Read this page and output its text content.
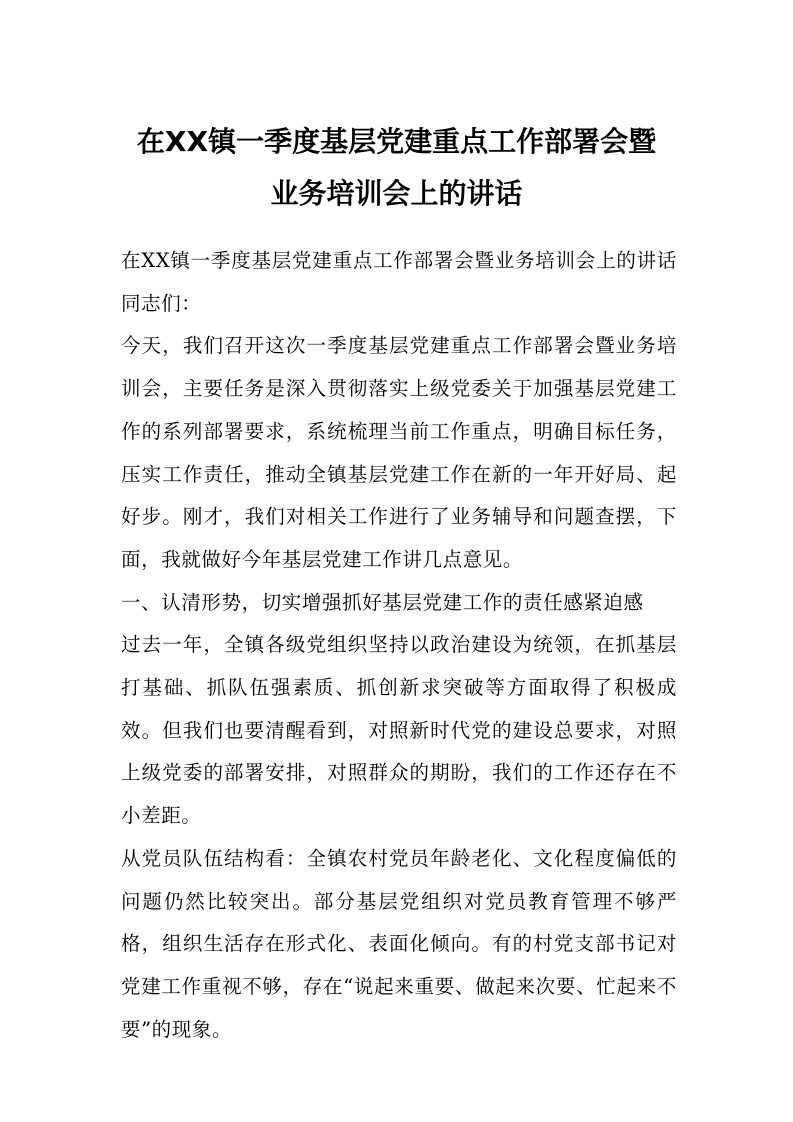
在XX镇一季度基层党建重点工作部署会暨
业务培训会上的讲话

在XX镇一季度基层党建重点工作部署会暨业务培训会上的讲话同志们：

今天，我们召开这次一季度基层党建重点工作部署会暨业务培训会，主要任务是深入贯彻落实上级党委关于加强基层党建工作的系列部署要求，系统梳理当前工作重点，明确目标任务，压实工作责任，推动全镇基层党建工作在新的一年开好局、起好步。刚才，我们对相关工作进行了业务辅导和问题查摆，下面，我就做好今年基层党建工作讲几点意见。

一、认清形势，切实增强抓好基层党建工作的责任感紧迫感

过去一年，全镇各级党组织坚持以政治建设为统领，在抓基层打基础、抓队伍强素质、抓创新求突破等方面取得了积极成效。但我们也要清醒看到，对照新时代党的建设总要求，对照上级党委的部署安排，对照群众的期盼，我们的工作还存在不小差距。

从党员队伍结构看：全镇农村党员年龄老化、文化程度偏低的问题仍然比较突出。部分基层党组织对党员教育管理不够严格，组织生活存在形式化、表面化倾向。有的村党支部书记对党建工作重视不够，存在“说起来重要、做起来次要、忙起来不要”的现象。
